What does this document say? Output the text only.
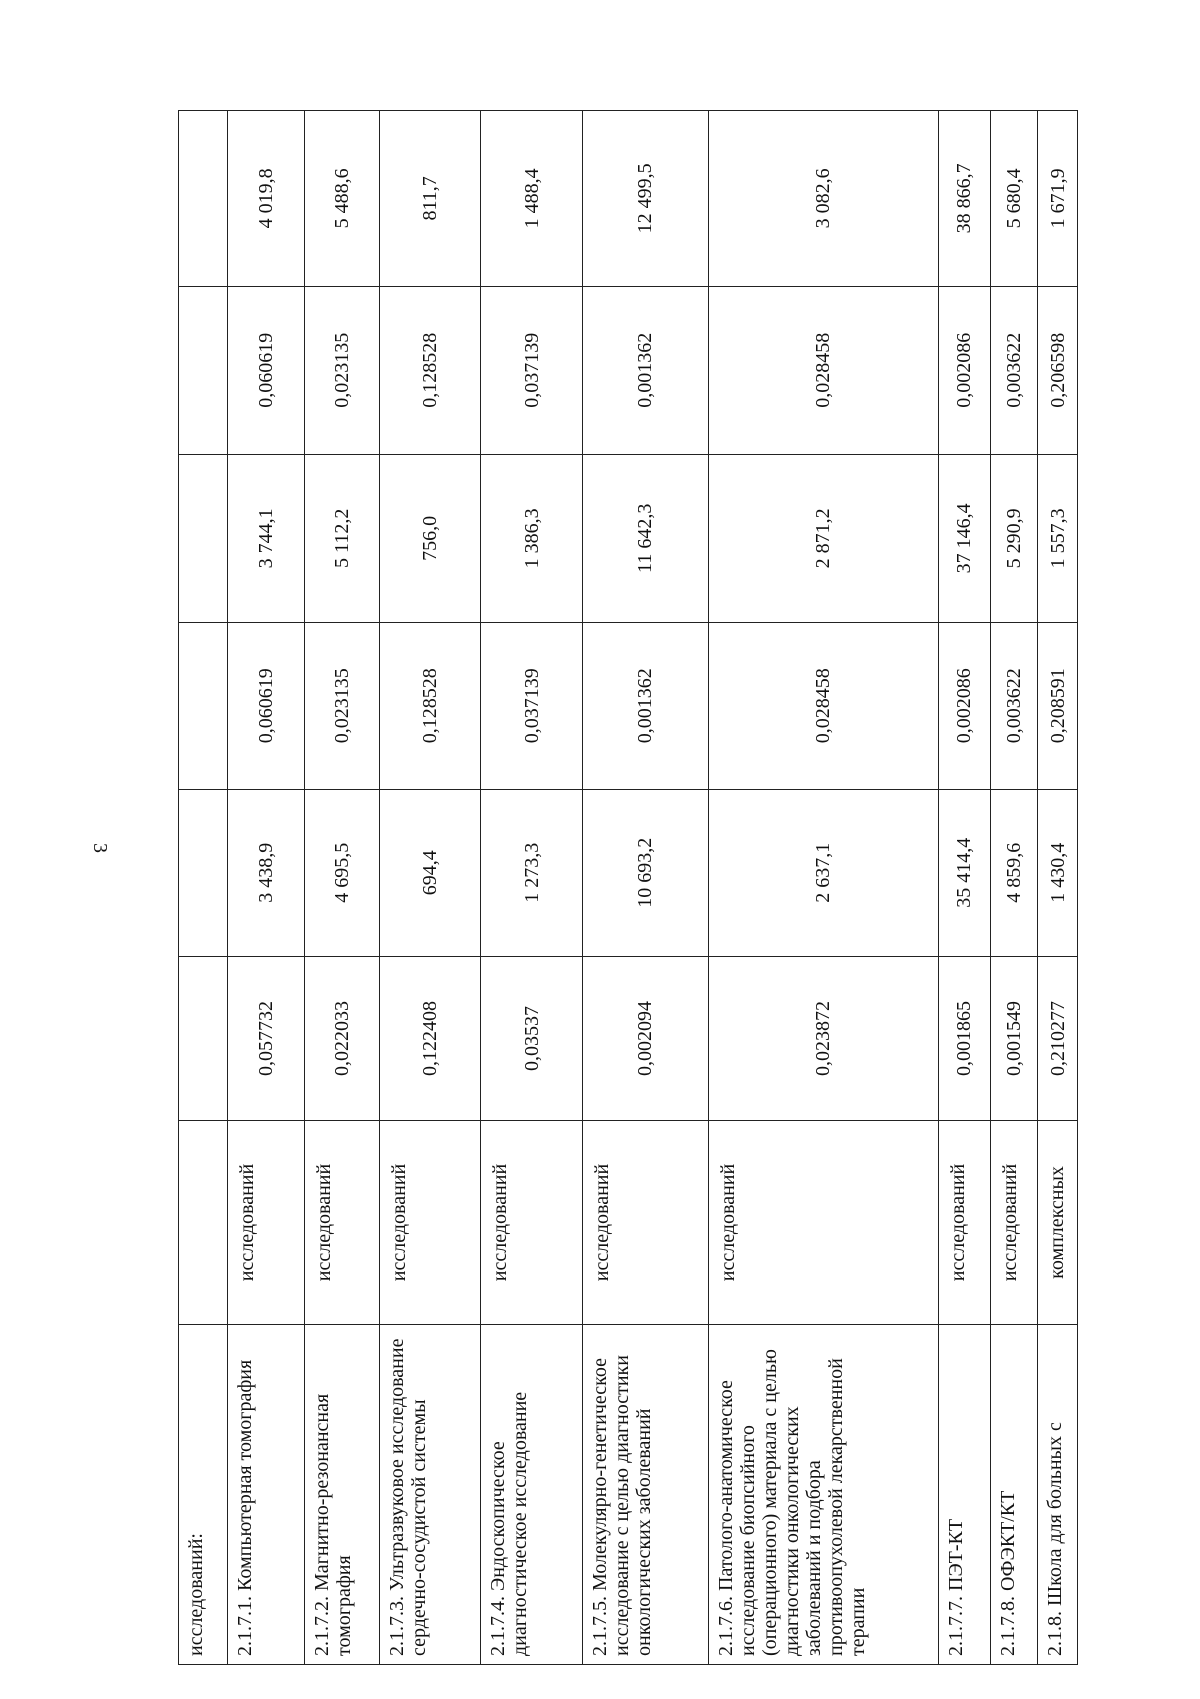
3
исследований:							
2.1.7.1. Компьютерная томография	исследований	0,057732	3 438,9	0,060619	3 744,1	0,060619	4 019,8
2.1.7.2. Магнитно-резонансная томография	исследований	0,022033	4 695,5	0,023135	5 112,2	0,023135	5 488,6
2.1.7.3. Ультразвуковое исследование сердечно-сосудистой системы	исследований	0,122408	694,4	0,128528	756,0	0,128528	811,7
2.1.7.4. Эндоскопическое диагностическое исследование	исследований	0,03537	1 273,3	0,037139	1 386,3	0,037139	1 488,4
2.1.7.5. Молекулярно-генетическое исследование с целью диагностики онкологических заболеваний	исследований	0,002094	10 693,2	0,001362	11 642,3	0,001362	12 499,5
2.1.7.6. Патолого-анатомическое исследование биопсийного (операционного) материала с целью диагностики онкологических заболеваний и подбора противоопухолевой лекарственной терапии	исследований	0,023872	2 637,1	0,028458	2 871,2	0,028458	3 082,6
2.1.7.7. ПЭТ-КТ	исследований	0,001865	35 414,4	0,002086	37 146,4	0,002086	38 866,7
2.1.7.8. ОФЭКТ/КТ	исследований	0,001549	4 859,6	0,003622	5 290,9	0,003622	5 680,4
2.1.8. Школа для больных с	комплексных	0,210277	1 430,4	0,208591	1 557,3	0,206598	1 671,9
